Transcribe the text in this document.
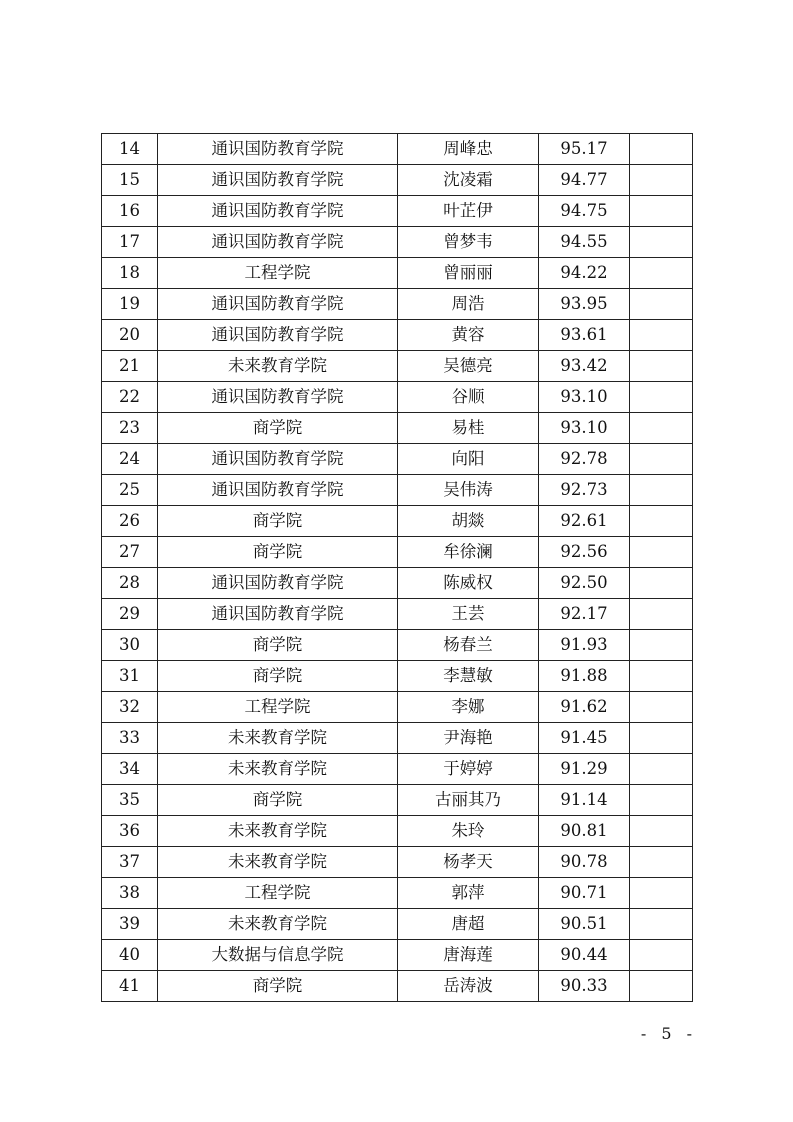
14	通识国防教育学院	周峰忠	95.17	
15	通识国防教育学院	沈凌霜	94.77	
16	通识国防教育学院	叶芷伊	94.75	
17	通识国防教育学院	曾梦韦	94.55	
18	工程学院	曾丽丽	94.22	
19	通识国防教育学院	周浩	93.95	
20	通识国防教育学院	黄容	93.61	
21	未来教育学院	吴德亮	93.42	
22	通识国防教育学院	谷顺	93.10	
23	商学院	易桂	93.10	
24	通识国防教育学院	向阳	92.78	
25	通识国防教育学院	吴伟涛	92.73	
26	商学院	胡燚	92.61	
27	商学院	牟徐澜	92.56	
28	通识国防教育学院	陈威权	92.50	
29	通识国防教育学院	王芸	92.17	
30	商学院	杨春兰	91.93	
31	商学院	李慧敏	91.88	
32	工程学院	李娜	91.62	
33	未来教育学院	尹海艳	91.45	
34	未来教育学院	于婷婷	91.29	
35	商学院	古丽其乃	91.14	
36	未来教育学院	朱玲	90.81	
37	未来教育学院	杨孝天	90.78	
38	工程学院	郭萍	90.71	
39	未来教育学院	唐超	90.51	
40	大数据与信息学院	唐海莲	90.44	
41	商学院	岳涛波	90.33	
- 5 -
